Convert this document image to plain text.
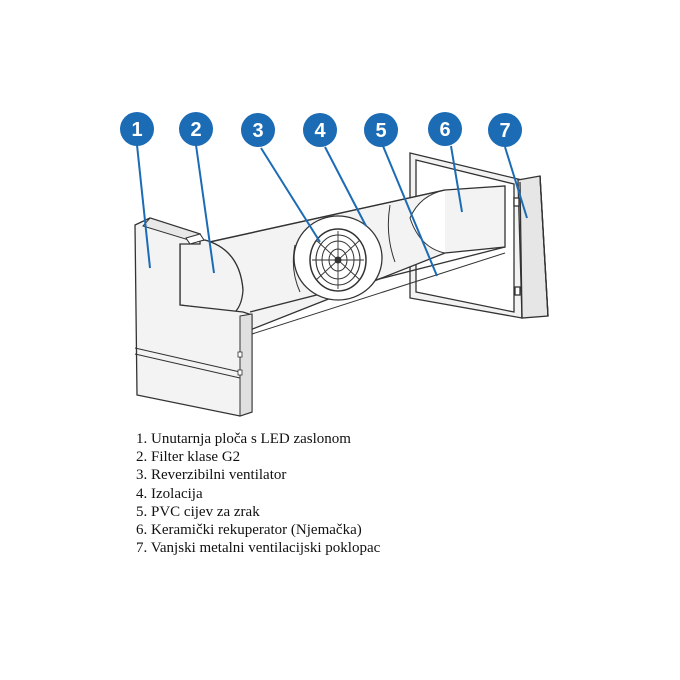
1 2	3	4 5	6 7
1. Unutarnja ploča s LED zaslonom
2. Filter klase G2
3. Reverzibilni ventilator
4. Izolacija
5. PVC cijev za zrak
6. Keramički rekuperator (Njemačka)
7. Vanjski metalni ventilacijski poklopac
